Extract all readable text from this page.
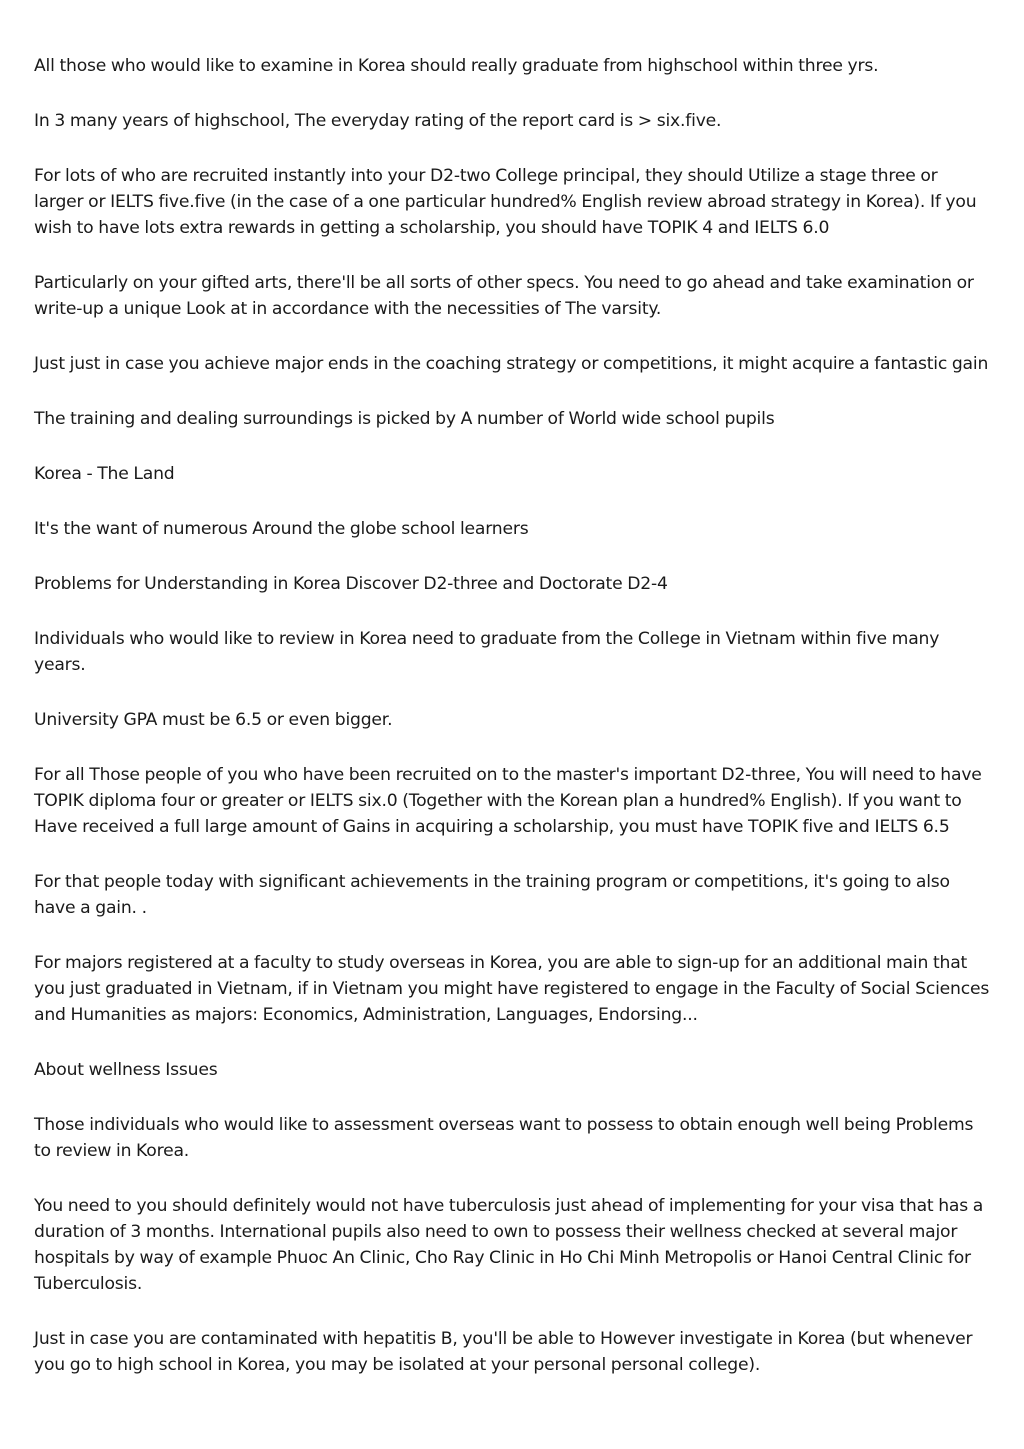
All those who would like to examine in Korea should really graduate from highschool within three yrs.

In 3 many years of highschool, The everyday rating of the report card is > six.five.

For lots of who are recruited instantly into your D2-two College principal, they should Utilize a stage three or larger or IELTS five.five (in the case of a one particular hundred% English review abroad strategy in Korea). If you wish to have lots extra rewards in getting a scholarship, you should have TOPIK 4 and IELTS 6.0

Particularly on your gifted arts, there'll be all sorts of other specs. You need to go ahead and take examination or write-up a unique Look at in accordance with the necessities of The varsity.

Just just in case you achieve major ends in the coaching strategy or competitions, it might acquire a fantastic gain

The training and dealing surroundings is picked by A number of World wide school pupils

Korea - The Land

It's the want of numerous Around the globe school learners

Problems for Understanding in Korea Discover D2-three and Doctorate D2-4

Individuals who would like to review in Korea need to graduate from the College in Vietnam within five many years.

University GPA must be 6.5 or even bigger.

For all Those people of you who have been recruited on to the master's important D2-three, You will need to have TOPIK diploma four or greater or IELTS six.0 (Together with the Korean plan a hundred% English). If you want to Have received a full large amount of Gains in acquiring a scholarship, you must have TOPIK five and IELTS 6.5

For that people today with significant achievements in the training program or competitions, it's going to also have a gain. .

For majors registered at a faculty to study overseas in Korea, you are able to sign-up for an additional main that you just graduated in Vietnam, if in Vietnam you might have registered to engage in the Faculty of Social Sciences and Humanities as majors: Economics, Administration, Languages, Endorsing...

About wellness Issues

Those individuals who would like to assessment overseas want to possess to obtain enough well being Problems to review in Korea.

You need to you should definitely would not have tuberculosis just ahead of implementing for your visa that has a duration of 3 months. International pupils also need to own to possess their wellness checked at several major hospitals by way of example Phuoc An Clinic, Cho Ray Clinic in Ho Chi Minh Metropolis or Hanoi Central Clinic for Tuberculosis.

Just in case you are contaminated with hepatitis B, you'll be able to However investigate in Korea (but whenever you go to high school in Korea, you may be isolated at your personal personal college).
